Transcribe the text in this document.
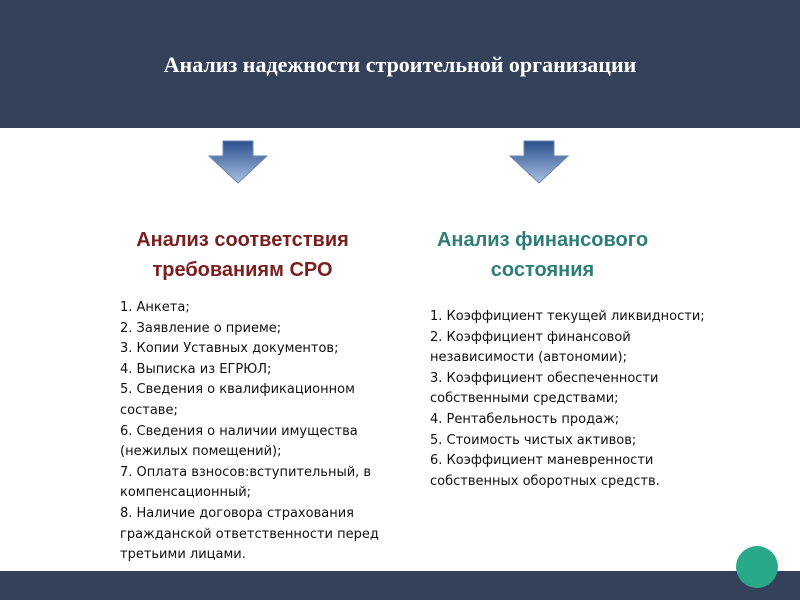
Анализ надежности строительной организации
Анализ соответствия требованиям СРО
Анализ финансового состояния
1. Анкета;
2. Заявление о приеме;
3. Копии Уставных документов;
4. Выписка из ЕГРЮЛ;
5. Сведения о квалификационном составе;
6. Сведения о наличии имущества (нежилых помещений);
7. Оплата взносов:вступительный, в компенсационный;
8. Наличие договора страхования гражданской ответственности перед третьими лицами.
1. Коэффициент текущей ликвидности;
2. Коэффициент финансовой независимости (автономии);
3. Коэффициент обеспеченности собственными средствами;
4. Рентабельность продаж;
5. Стоимость чистых активов;
6. Коэффициент маневренности собственных оборотных средств.
